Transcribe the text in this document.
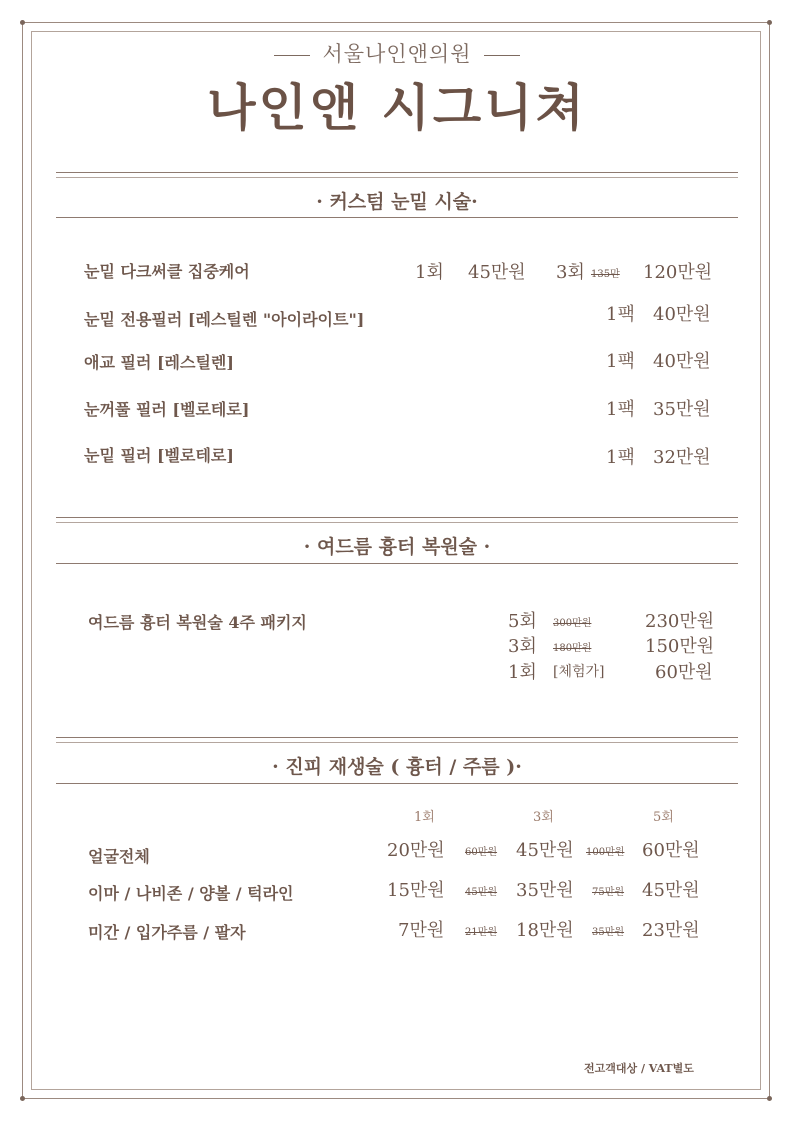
서울나인앤의원
나인앤 시그니쳐
· 커스텀 눈밑 시술·
눈밑 다크써클 집중케어	1회 45만원 3회 135만 120만원
눈밑 전용필러 [레스틸렌 "아이라이트"]	1팩 40만원
애교 필러 [레스틸렌]	1팩 40만원
눈꺼풀 필러 [벨로테로]	1팩 35만원
눈밑 필러 [벨로테로]	1팩 32만원
· 여드름 흉터 복원술 ·
여드름 흉터 복원술 4주 패키지	5회 300만원	230만원
3회 180만원	150만원
1회 [체험가]	60만원
· 진피 재생술 ( 흉터 / 주름 )·
1회	3회	5회
얼굴전체	20만원 60만원 45만원 100만원 60만원
이마 / 나비존 / 양볼 / 턱라인	15만원 45만원 35만원 75만원 45만원
미간 / 입가주름 / 팔자	7만원 21만원 18만원 35만원 23만원
전고객대상 / VAT별도
